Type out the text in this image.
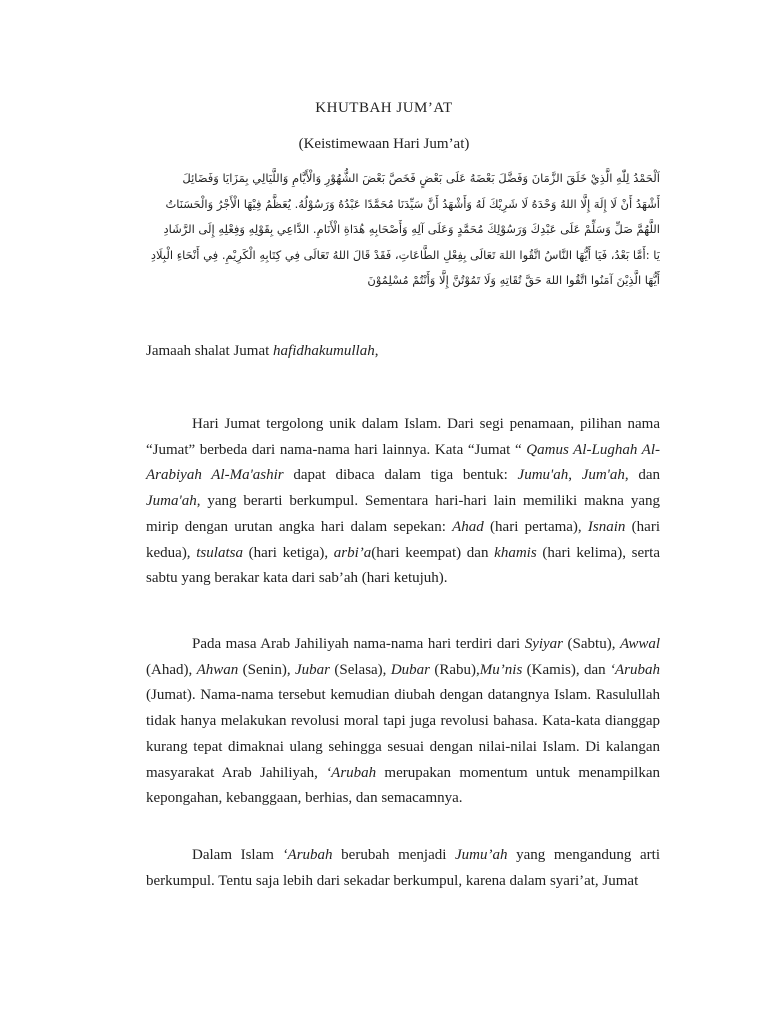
KHUTBAH JUM’AT
(Keistimewaan Hari Jum’at)

اَلْحَمْدُ لِلّٰهِ الَّذِيْ خَلَقَ الزَّمَانَ وَفَضَّلَ بَعْضَهُ عَلَى بَعْضٍ فَخَصَّ بَعْضَ الشُّهُوْرِ وَالْأَيَّامِ وَاللَّيَالِي بِمَزَايَا وَفَضَائِلَ

أَشْهَدُ أَنْ لَا إِلَهَ إِلَّا اللهُ وَحْدَهُ لَا شَرِيْكَ لَهُ وَأَشْهَدُ أَنَّ سَيِّدَنَا مُحَمَّدًا عَبْدُهُ وَرَسُوْلُهُ. يُعَظَّمُ فِيْهَا الْأَجْرُ وَالْحَسَنَاتُ

اللَّهُمَّ صَلِّ وَسَلِّمْ عَلَى عَبْدِكَ وَرَسُوْلِكَ مُحَمَّدٍ وَعَلَى آلِهِ وَأَصْحَابِهِ هُدَاةِ الْأَنَامِ. الدَّاعِي بِقَوْلِهِ وَفِعْلِهِ إِلَى الرَّشَادِ

يَا :أَمَّا بَعْدُ، فَيَا أَيُّهَا النَّاسُ اتَّقُوا اللهَ تَعَالَى بِفِعْلِ الطَّاعَاتِ، فَقَدْ قَالَ اللهُ تَعَالَى فِي كِتَابِهِ الْكَرِيْمِ. فِي أَنْحَاءِ الْبِلَادِ

أَيُّهَا الَّذِيْنَ آمَنُوا اتَّقُوا اللهَ حَقَّ تُقَاتِهِ وَلَا تَمُوْتُنَّ إِلَّا وَأَنْتُمْ مُسْلِمُوْنَ

Jamaah shalat Jumat hafidhakumullah,

Hari Jumat tergolong unik dalam Islam. Dari segi penamaan, pilihan nama “Jumat” berbeda dari nama-nama hari lainnya. Kata “Jumat “ Qamus Al-Lughah Al-Arabiyah Al-Ma'ashir dapat dibaca dalam tiga bentuk: Jumu'ah, Jum'ah, dan Juma'ah, yang berarti berkumpul. Sementara hari-hari lain memiliki makna yang mirip dengan urutan angka hari dalam sepekan: Ahad (hari pertama), Isnain (hari kedua), tsulatsa (hari ketiga), arbi’a(hari keempat) dan khamis (hari kelima), serta sabtu yang berakar kata dari sab’ah (hari ketujuh).

Pada masa Arab Jahiliyah nama-nama hari terdiri dari Syiyar (Sabtu), Awwal (Ahad), Ahwan (Senin), Jubar (Selasa), Dubar (Rabu),Mu’nis (Kamis), dan ‘Arubah (Jumat). Nama-nama tersebut kemudian diubah dengan datangnya Islam. Rasulullah tidak hanya melakukan revolusi moral tapi juga revolusi bahasa. Kata-kata dianggap kurang tepat dimaknai ulang sehingga sesuai dengan nilai-nilai Islam. Di kalangan masyarakat Arab Jahiliyah, ‘Arubah merupakan momentum untuk menampilkan kepongahan, kebanggaan, berhias, dan semacamnya.

Dalam Islam ‘Arubah berubah menjadi Jumu’ah yang mengandung arti berkumpul. Tentu saja lebih dari sekadar berkumpul, karena dalam syari’at, Jumat
